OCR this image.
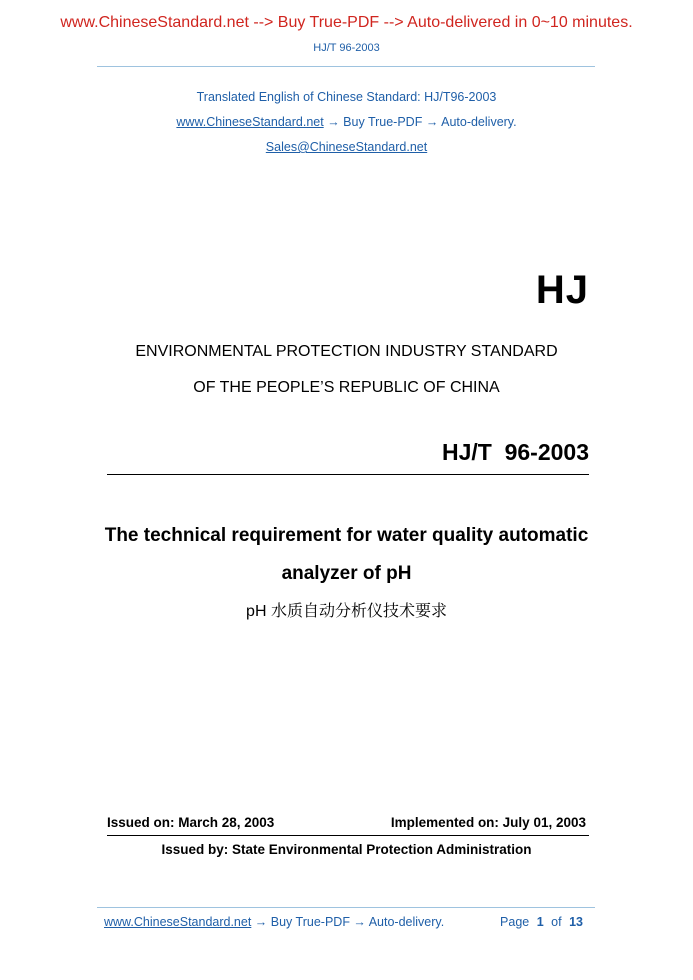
www.ChineseStandard.net --> Buy True-PDF --> Auto-delivered in 0~10 minutes.
HJ/T 96-2003
Translated English of Chinese Standard: HJ/T96-2003
www.ChineseStandard.net → Buy True-PDF → Auto-delivery.
Sales@ChineseStandard.net
HJ
ENVIRONMENTAL PROTECTION INDUSTRY STANDARD
OF THE PEOPLE’S REPUBLIC OF CHINA
HJ/T  96-2003
The technical requirement for water quality automatic
analyzer of pH
pH 水质自动分析仪技术要求
Issued on: March 28, 2003	Implemented on: July 01, 2003
Issued by: State Environmental Protection Administration
www.ChineseStandard.net → Buy True-PDF → Auto-delivery.	Page 1 of 13
